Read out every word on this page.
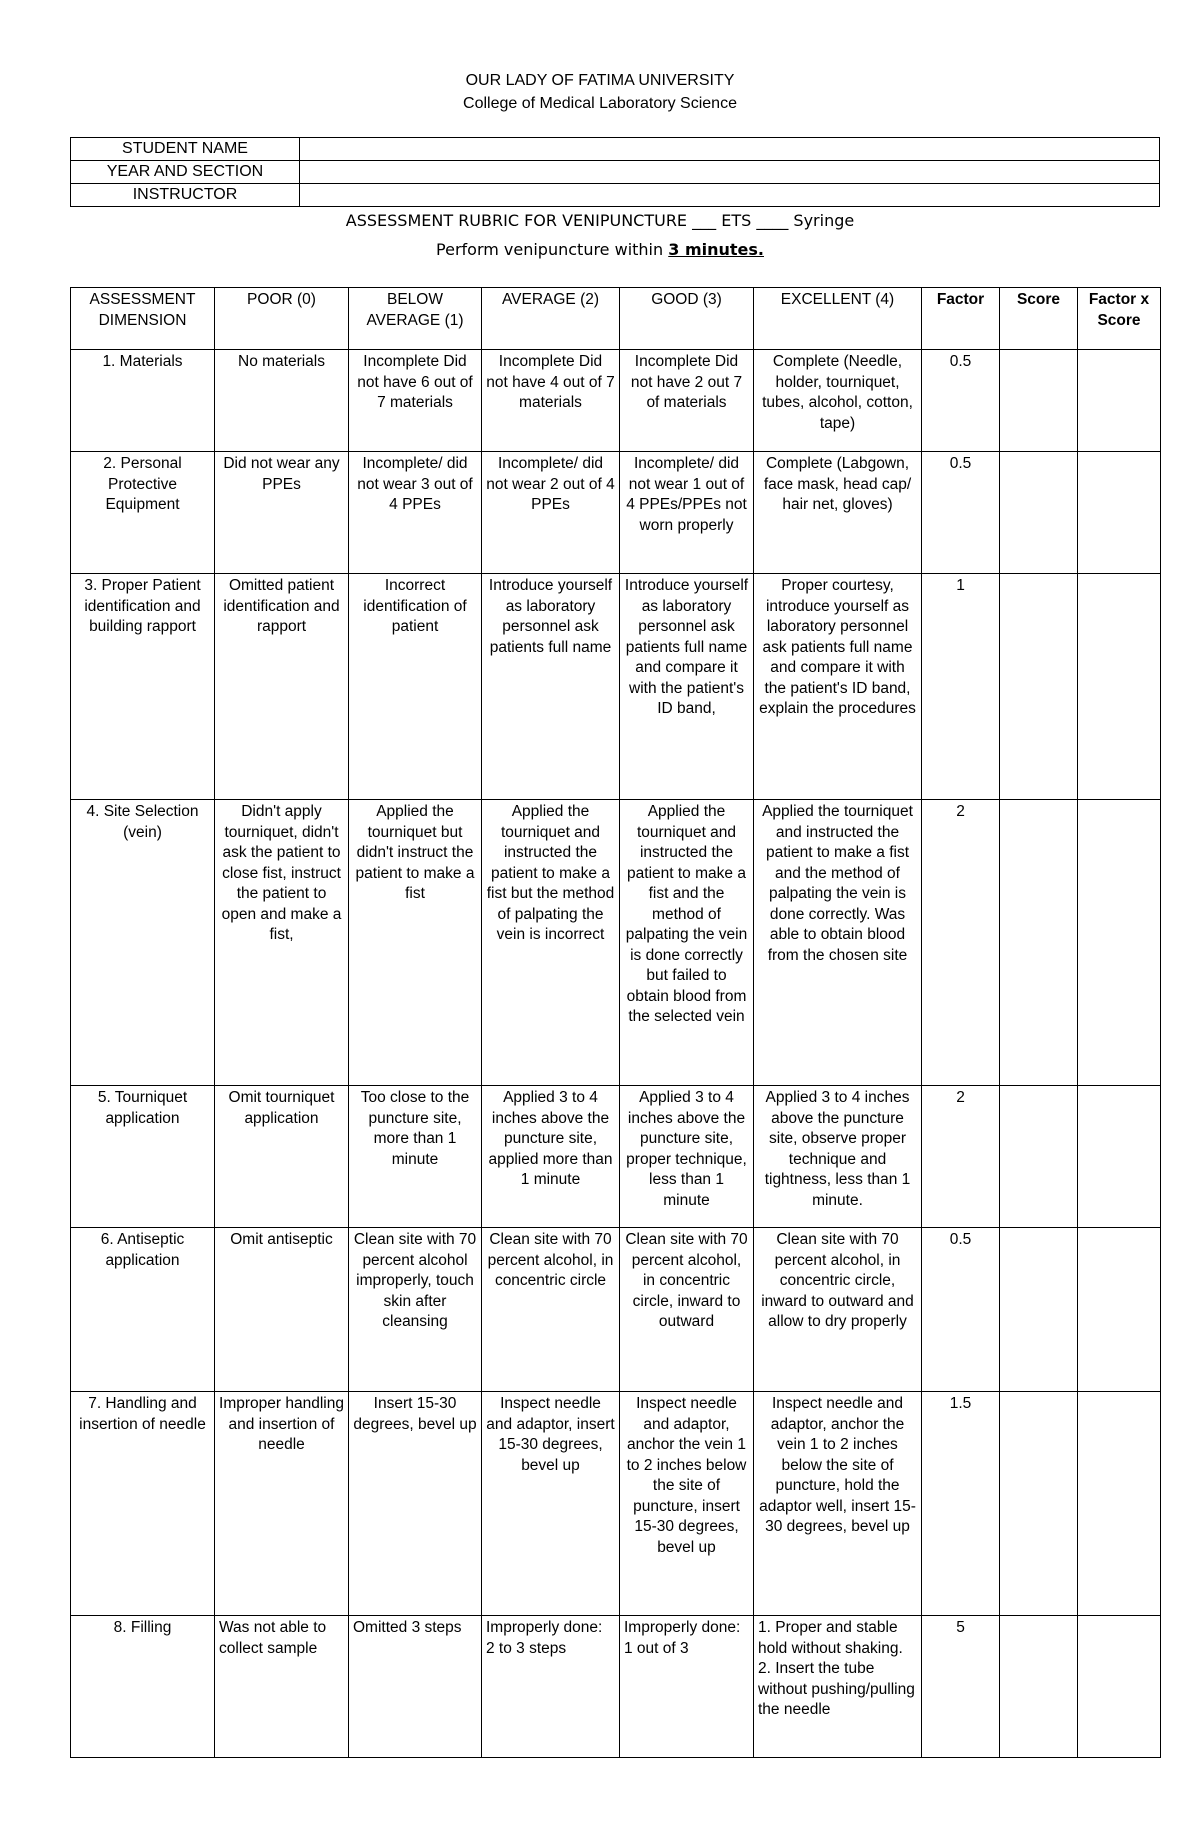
OUR LADY OF FATIMA UNIVERSITY
College of Medical Laboratory Science
STUDENT NAME	
YEAR AND SECTION	
INSTRUCTOR	
ASSESSMENT RUBRIC FOR VENIPUNCTURE ___ ETS ____ Syringe
Perform venipuncture within 3 minutes.
ASSESSMENT DIMENSION	POOR (0)	BELOW AVERAGE (1)	AVERAGE (2)	GOOD (3)	EXCELLENT (4)	Factor	Score	Factor x Score
1. Materials	No materials	Incomplete Did not have 6 out of 7 materials	Incomplete Did not have 4 out of 7 materials	Incomplete Did not have 2 out 7 of materials	Complete (Needle, holder, tourniquet, tubes, alcohol, cotton, tape)	0.5		
2. Personal Protective Equipment	Did not wear any PPEs	Incomplete/ did not wear 3 out of 4 PPEs	Incomplete/ did not wear 2 out of 4 PPEs	Incomplete/ did not wear 1 out of 4 PPEs/PPEs not worn properly	Complete (Labgown, face mask, head cap/ hair net, gloves)	0.5		
3. Proper Patient identification and building rapport	Omitted patient identification and rapport	Incorrect identification of patient	Introduce yourself as laboratory personnel ask patients full name	Introduce yourself as laboratory personnel ask patients full name and compare it with the patient's ID band,	Proper courtesy, introduce yourself as laboratory personnel ask patients full name and compare it with the patient's ID band, explain the procedures	1		
4. Site Selection (vein)	Didn't apply tourniquet, didn't ask the patient to close fist, instruct the patient to open and make a fist,	Applied the tourniquet but didn't instruct the patient to make a fist	Applied the tourniquet and instructed the patient to make a fist but the method of palpating the vein is incorrect	Applied the tourniquet and instructed the patient to make a fist and the method of palpating the vein is done correctly but failed to obtain blood from the selected vein	Applied the tourniquet and instructed the patient to make a fist and the method of palpating the vein is done correctly. Was able to obtain blood from the chosen site	2		
5. Tourniquet application	Omit tourniquet application	Too close to the puncture site, more than 1 minute	Applied 3 to 4 inches above the puncture site, applied more than 1 minute	Applied 3 to 4 inches above the puncture site, proper technique, less than 1 minute	Applied 3 to 4 inches above the puncture site, observe proper technique and tightness, less than 1 minute.	2		
6. Antiseptic application	Omit antiseptic	Clean site with 70 percent alcohol improperly, touch skin after cleansing	Clean site with 70 percent alcohol, in concentric circle	Clean site with 70 percent alcohol, in concentric circle, inward to outward	Clean site with 70 percent alcohol, in concentric circle, inward to outward and allow to dry properly	0.5		
7. Handling and insertion of needle	Improper handling and insertion of needle	Insert 15-30 degrees, bevel up	Inspect needle and adaptor, insert 15-30 degrees, bevel up	Inspect needle and adaptor, anchor the vein 1 to 2 inches below the site of puncture, insert 15-30 degrees, bevel up	Inspect needle and adaptor, anchor the vein 1 to 2 inches below the site of puncture, hold the adaptor well, insert 15-30 degrees, bevel up	1.5		
8. Filling	Was not able to collect sample	Omitted 3 steps	Improperly done: 2 to 3 steps	Improperly done: 1 out of 3	1. Proper and stable hold without shaking. 2. Insert the tube without pushing/pulling the needle	5		
